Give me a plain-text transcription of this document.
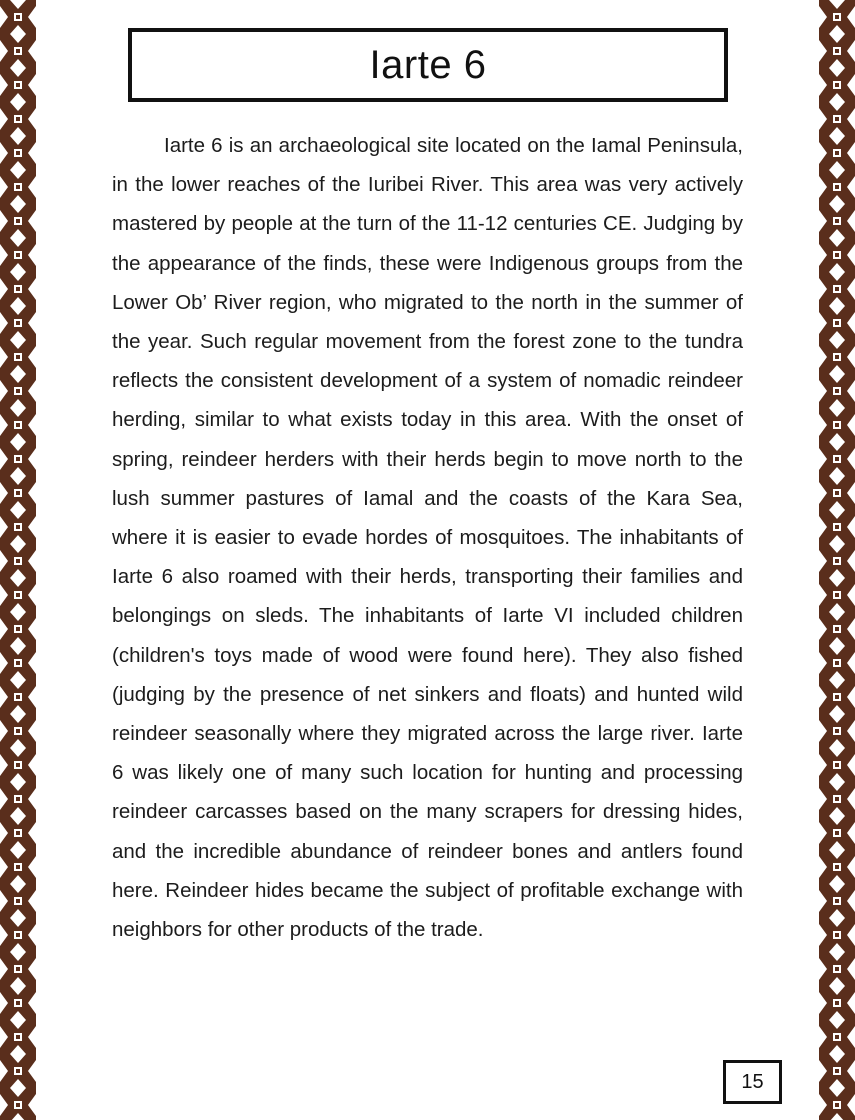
Iarte 6

Iarte 6 is an archaeological site located on the Iamal Peninsula, in the lower reaches of the Iuribei River. This area was very actively mastered by people at the turn of the 11-12 centuries CE. Judging by the appearance of the finds, these were Indigenous groups from the Lower Ob’ River region, who migrated to the north in the summer of the year. Such regular movement from the forest zone to the tundra reflects the consistent development of a system of nomadic reindeer herding, similar to what exists today in this area. With the onset of spring, reindeer herders with their herds begin to move north to the lush summer pastures of Iamal and the coasts of the Kara Sea, where it is easier to evade hordes of mosquitoes. The inhabitants of Iarte 6 also roamed with their herds, transporting their families and belongings on sleds. The inhabitants of Iarte VI included children (children's toys made of wood were found here). They also fished (judging by the presence of net sinkers and floats) and hunted wild reindeer seasonally where they migrated across the large river. Iarte 6 was likely one of many such location for hunting and processing reindeer carcasses based on the many scrapers for dressing hides, and the incredible abundance of reindeer bones and antlers found here. Reindeer hides became the subject of profitable exchange with neighbors for other products of the trade.

15
